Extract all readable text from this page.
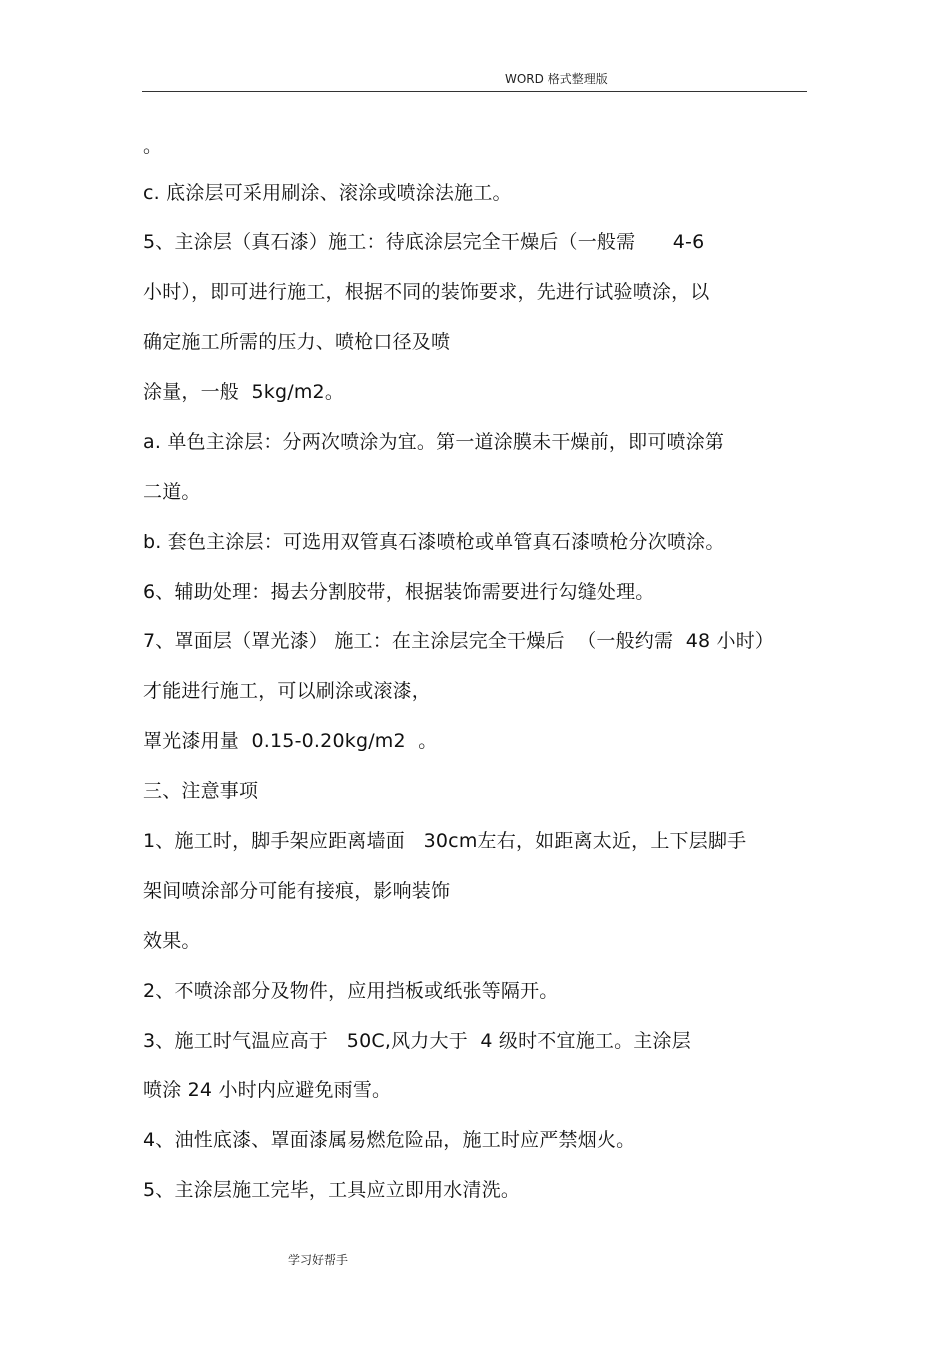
WORD 格式整理版
。
c. 底涂层可采用刷涂、滚涂或喷涂法施工。
5、主涂层（真石漆）施工：待底涂层完全干燥后（一般需      4-6
小时），即可进行施工，根据不同的装饰要求，先进行试验喷涂，以
确定施工所需的压力、喷枪口径及喷
涂量，一般  5kg/m2。
a. 单色主涂层：分两次喷涂为宜。第一道涂膜未干燥前，即可喷涂第
二道。
b. 套色主涂层：可选用双管真石漆喷枪或单管真石漆喷枪分次喷涂。
6、辅助处理：揭去分割胶带，根据装饰需要进行勾缝处理。
7、罩面层（罩光漆） 施工：在主涂层完全干燥后  （一般约需  48 小时）
才能进行施工，可以刷涂或滚漆，
罩光漆用量  0.15-0.20kg/m2  。
三、注意事项
1、施工时，脚手架应距离墙面   30cm左右，如距离太近，上下层脚手
架间喷涂部分可能有接痕，影响装饰
效果。
2、不喷涂部分及物件，应用挡板或纸张等隔开。
3、施工时气温应高于   50C,风力大于  4 级时不宜施工。主涂层
喷涂 24 小时内应避免雨雪。
4、油性底漆、罩面漆属易燃危险品，施工时应严禁烟火。
5、主涂层施工完毕，工具应立即用水清洗。
学习好帮手
